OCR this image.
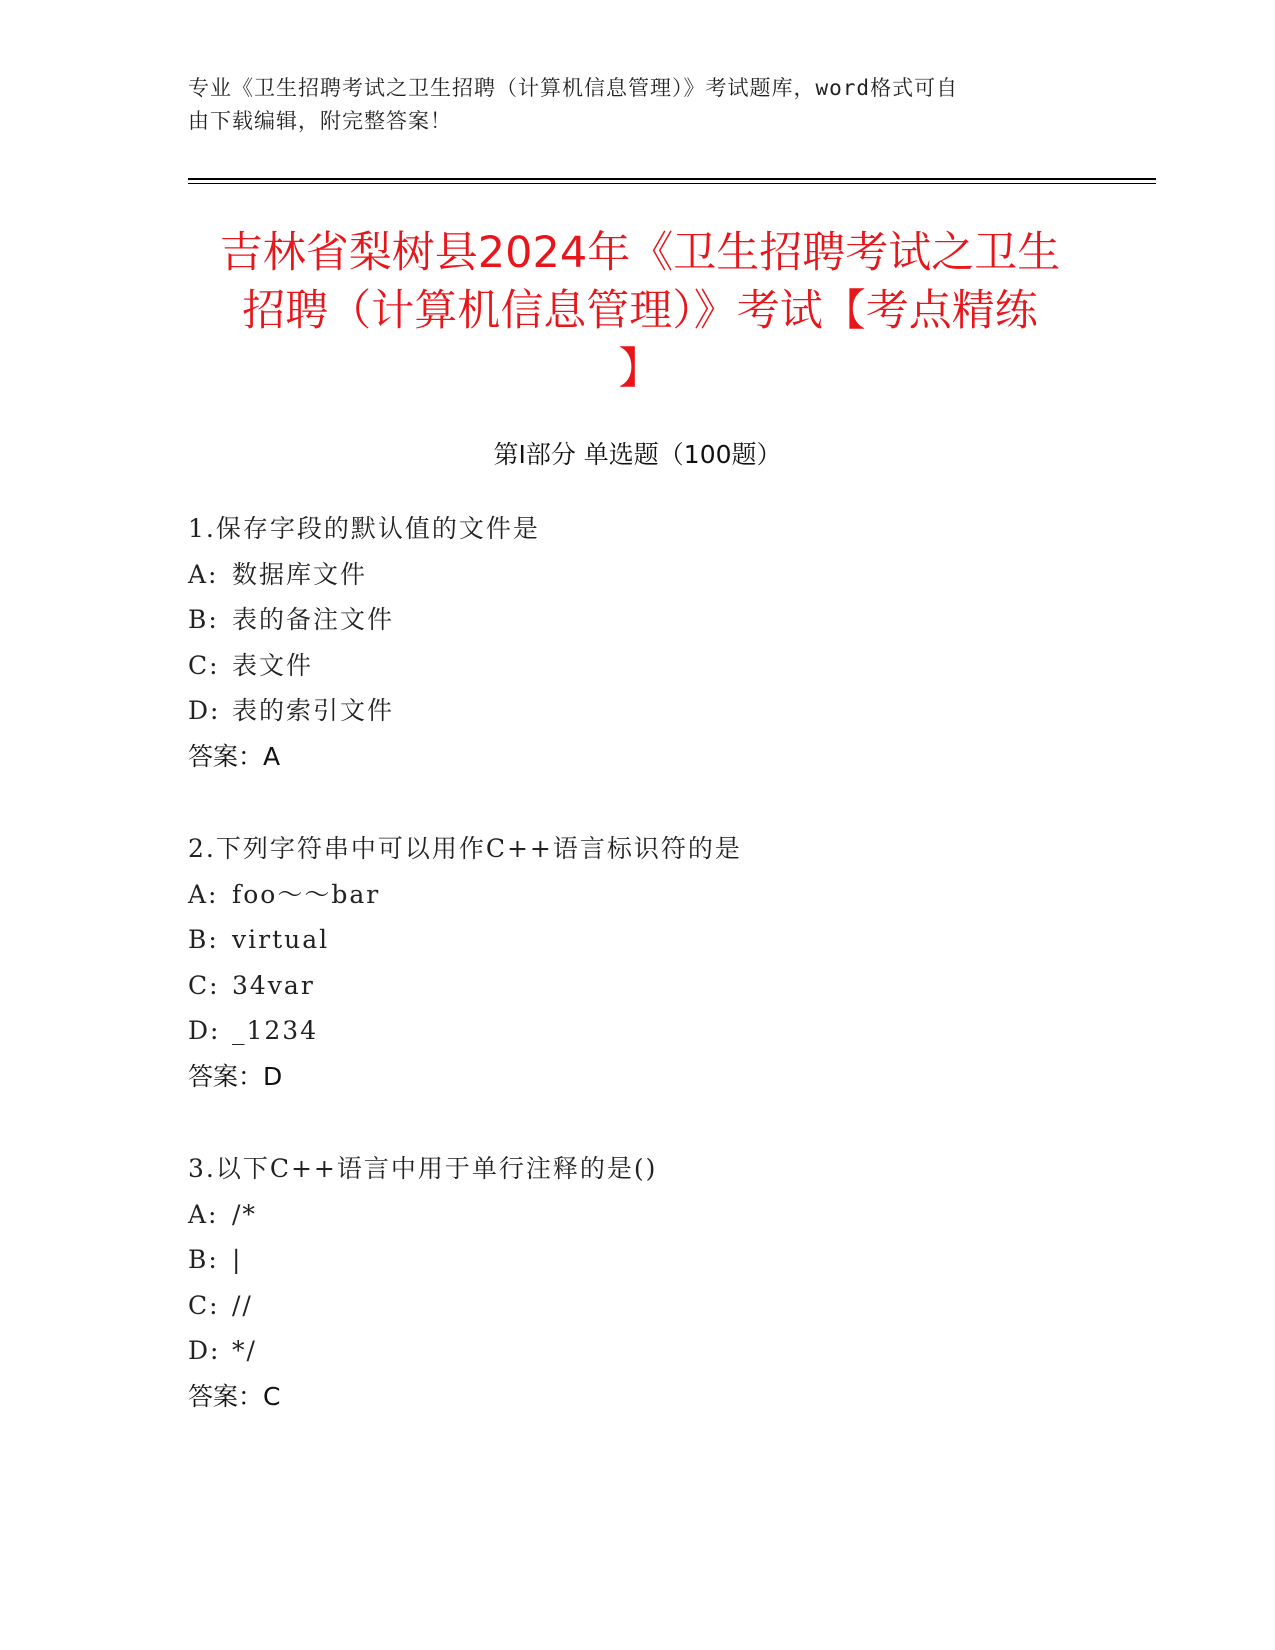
专业《卫生招聘考试之卫生招聘（计算机信息管理）》考试题库，word格式可自
由下载编辑，附完整答案！
吉林省梨树县2024年《卫生招聘考试之卫生
招聘（计算机信息管理）》考试【考点精练
】
第Ⅰ部分 单选题（100题）
1.保存字段的默认值的文件是
A: 数据库文件
B: 表的备注文件
C: 表文件
D: 表的索引文件
答案：A
2.下列字符串中可以用作C++语言标识符的是
A: foo～～bar
B: virtual
C: 34var
D: _1234
答案：D
3.以下C++语言中用于单行注释的是()
A: /*
B: |
C: //
D: */
答案：C
